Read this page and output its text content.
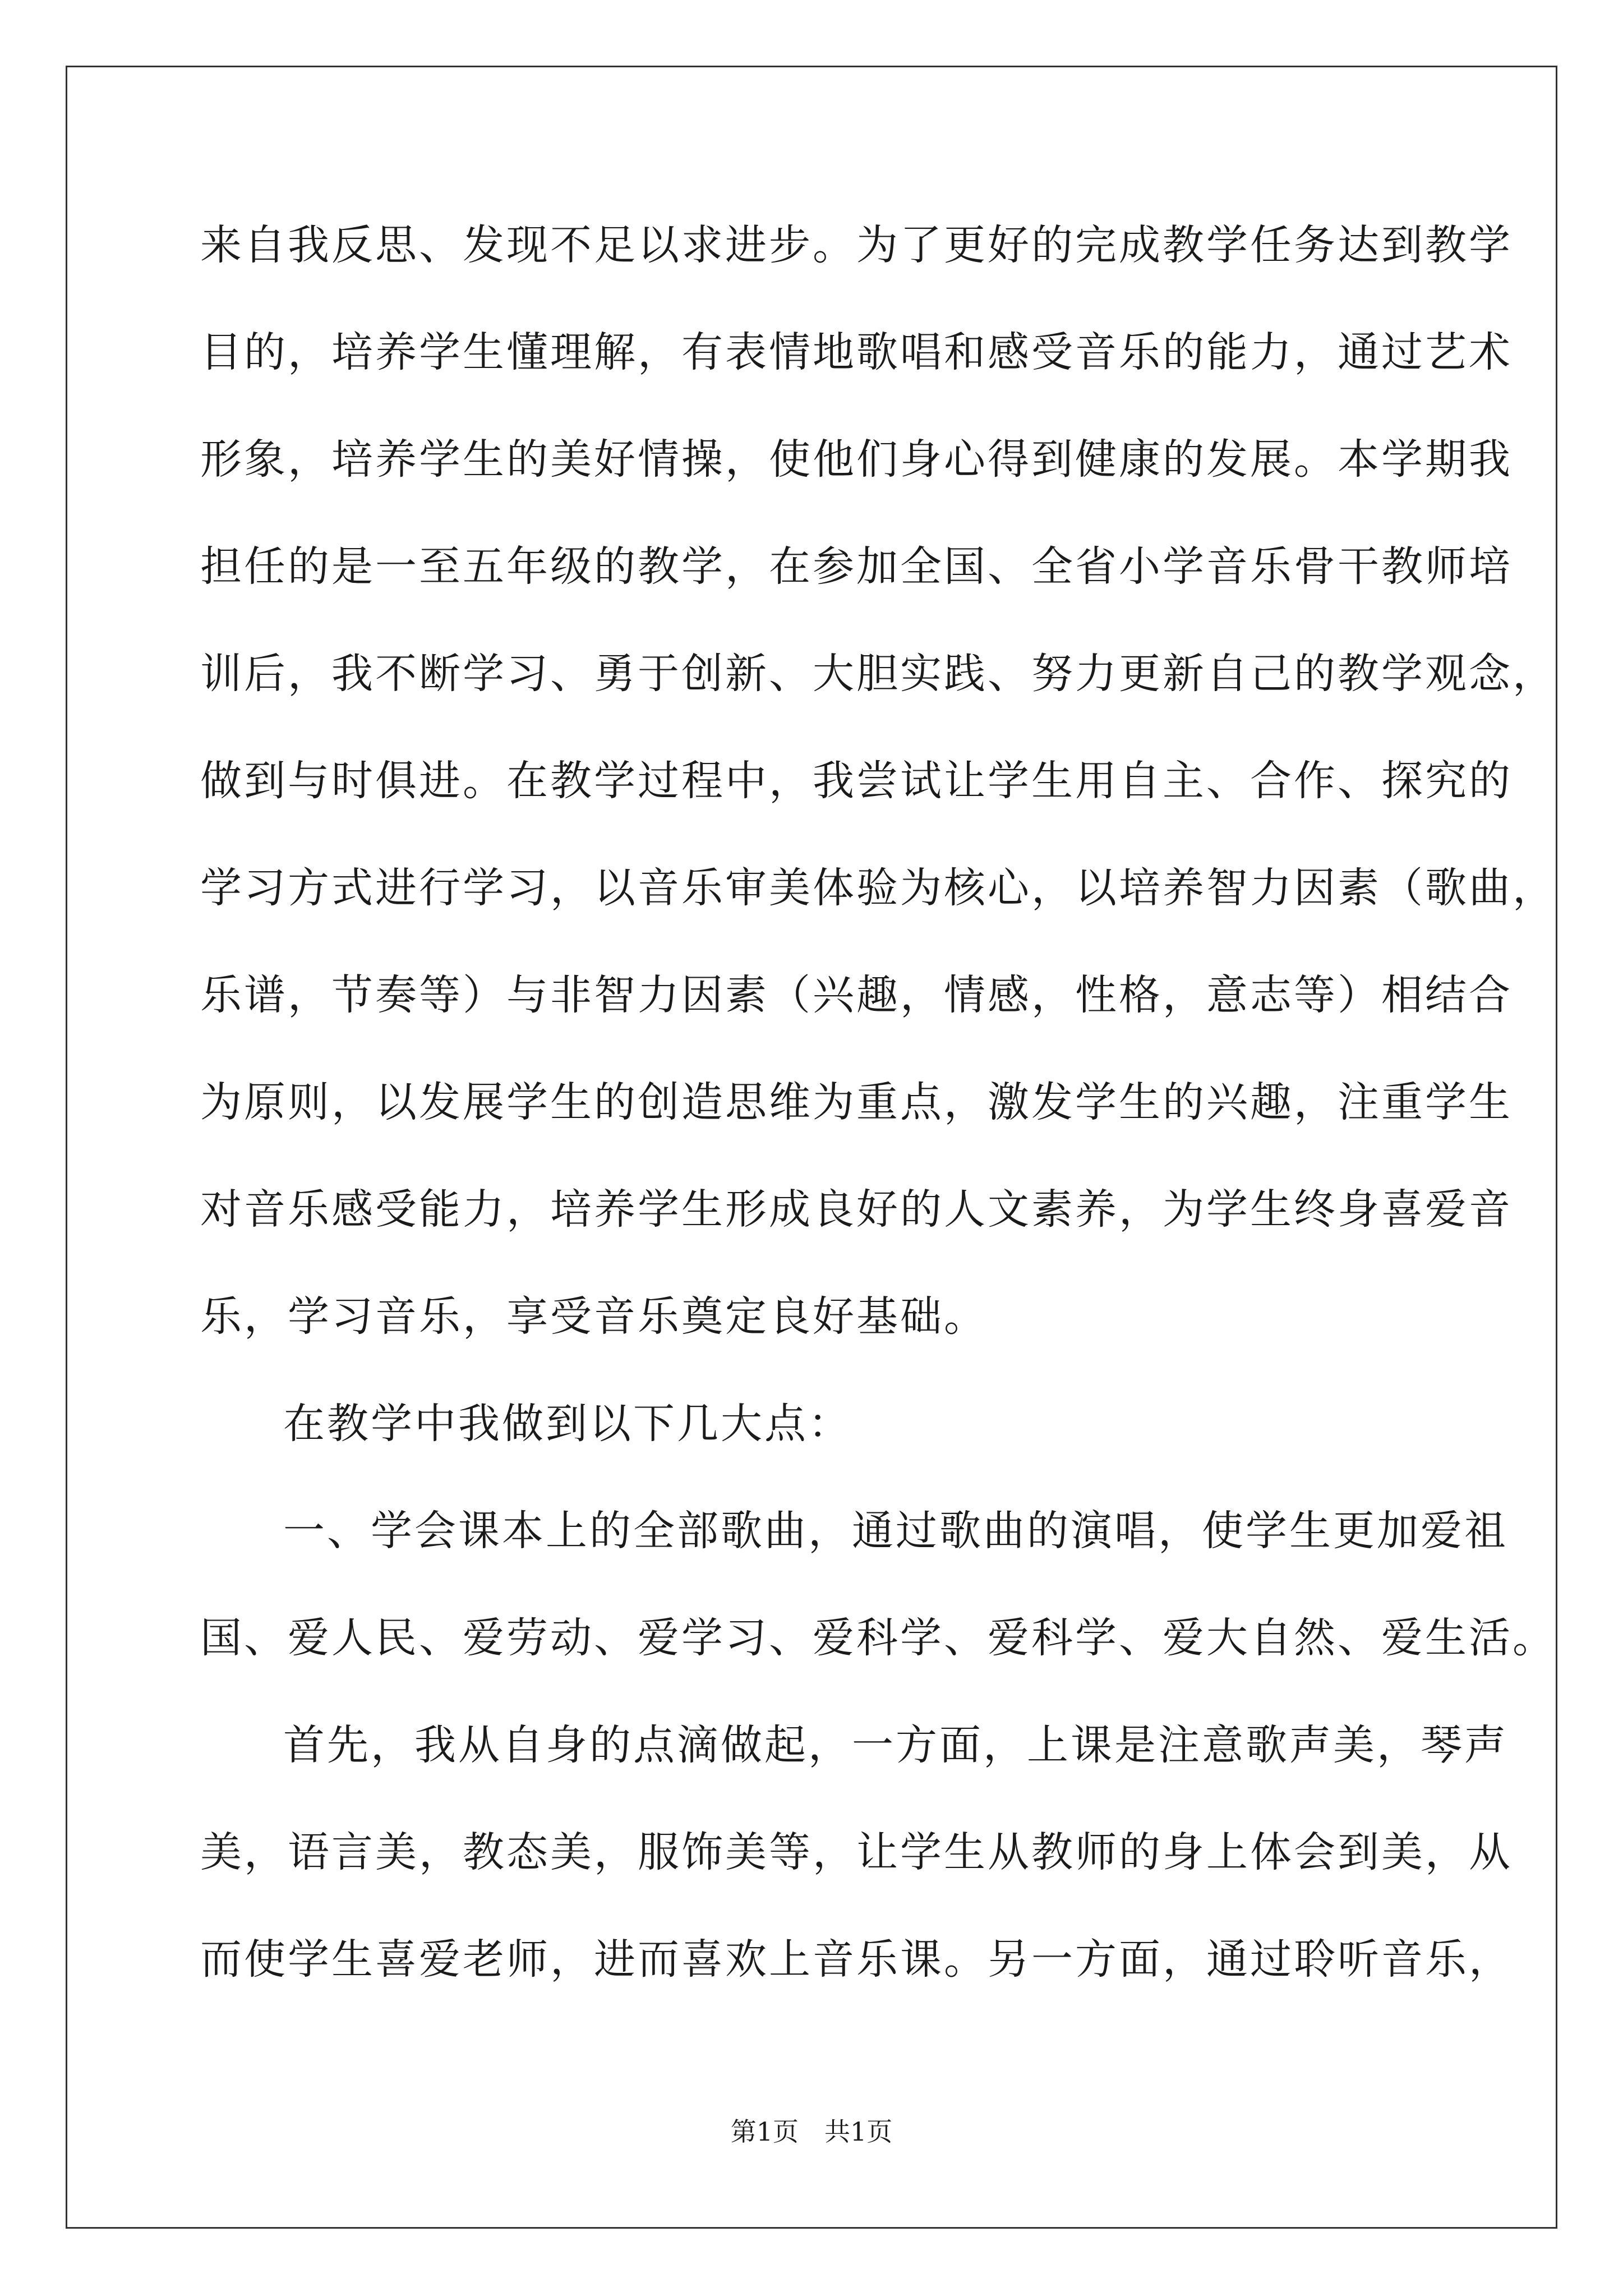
来自我反思、发现不足以求进步。为了更好的完成教学任务达到教学
目的，培养学生懂理解，有表情地歌唱和感受音乐的能力，通过艺术
形象，培养学生的美好情操，使他们身心得到健康的发展。本学期我
担任的是一至五年级的教学，在参加全国、全省小学音乐骨干教师培
训后，我不断学习、勇于创新、大胆实践、努力更新自己的教学观念，
做到与时俱进。在教学过程中，我尝试让学生用自主、合作、探究的
学习方式进行学习，以音乐审美体验为核心，以培养智力因素（歌曲，
乐谱，节奏等）与非智力因素（兴趣，情感，性格，意志等）相结合
为原则，以发展学生的创造思维为重点，激发学生的兴趣，注重学生
对音乐感受能力，培养学生形成良好的人文素养，为学生终身喜爱音
乐，学习音乐，享受音乐奠定良好基础。
在教学中我做到以下几大点：
一、学会课本上的全部歌曲，通过歌曲的演唱，使学生更加爱祖
国、爱人民、爱劳动、爱学习、爱科学、爱科学、爱大自然、爱生活。
首先，我从自身的点滴做起，一方面，上课是注意歌声美，琴声
美，语言美，教态美，服饰美等，让学生从教师的身上体会到美，从
而使学生喜爱老师，进而喜欢上音乐课。另一方面，通过聆听音乐，
第1页　共1页
